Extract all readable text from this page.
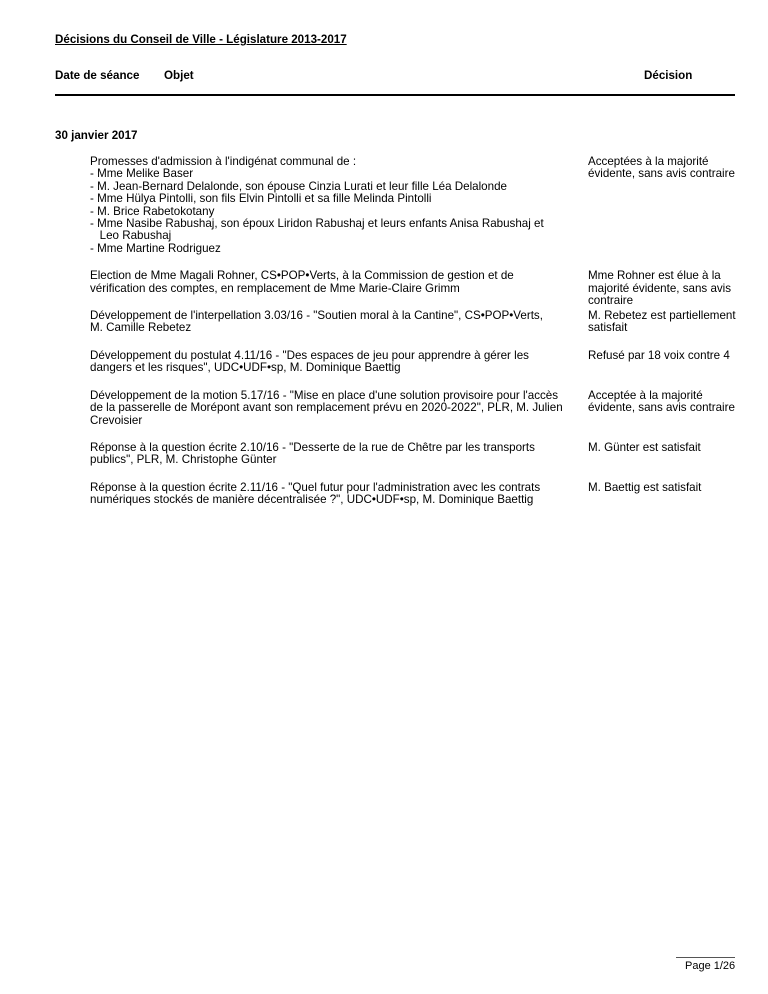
Décisions du Conseil de Ville - Législature 2013-2017
Date de séance Objet	Décision
30 janvier 2017
Promesses d'admission à l'indigénat communal de :
- Mme Melike Baser
- M. Jean-Bernard Delalonde, son épouse Cinzia Lurati et leur fille Léa Delalonde
- Mme Hülya Pintolli, son fils Elvin Pintolli et sa fille Melinda Pintolli
- M. Brice Rabetokotany
- Mme Nasibe Rabushaj, son époux Liridon Rabushaj et leurs enfants Anisa Rabushaj et
Leo Rabushaj
- Mme Martine Rodriguez
Acceptées à la majorité
évidente, sans avis contraire
Election de Mme Magali Rohner, CS•POP•Verts, à la Commission de gestion et de
vérification des comptes, en remplacement de Mme Marie-Claire Grimm
Mme Rohner est élue à la
majorité évidente, sans avis
contraire
Développement de l'interpellation 3.03/16 - "Soutien moral à la Cantine", CS•POP•Verts,
M. Camille Rebetez
M. Rebetez est partiellement
satisfait
Développement du postulat 4.11/16 - "Des espaces de jeu pour apprendre à gérer les
dangers et les risques", UDC•UDF•sp, M. Dominique Baettig
Refusé par 18 voix contre 4
Développement de la motion 5.17/16 - "Mise en place d'une solution provisoire pour l'accès
de la passerelle de Morépont avant son remplacement prévu en 2020-2022", PLR, M. Julien
Crevoisier
Acceptée à la majorité
évidente, sans avis contraire
Réponse à la question écrite 2.10/16 - "Desserte de la rue de Chêtre par les transports
publics", PLR, M. Christophe Günter
M. Günter est satisfait
Réponse à la question écrite 2.11/16 - "Quel futur pour l'administration avec les contrats
numériques stockés de manière décentralisée ?", UDC•UDF•sp, M. Dominique Baettig
M. Baettig est satisfait
Page 1/26
